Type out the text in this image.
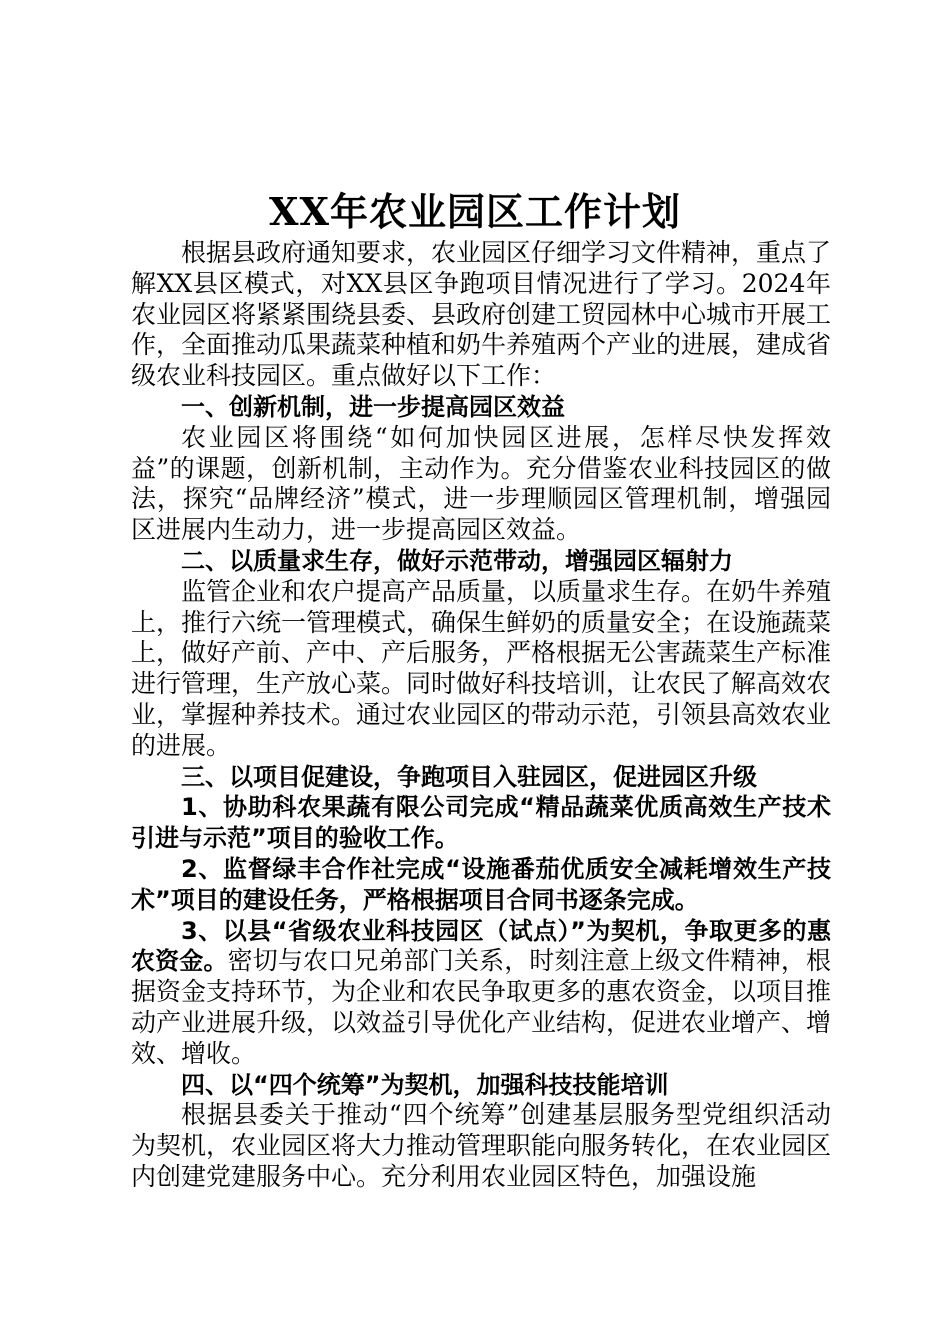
XX年农业园区工作计划

根据县政府通知要求，农业园区仔细学习文件精神，重点了解XX县区模式，对XX县区争跑项目情况进行了学习。2024年农业园区将紧紧围绕县委、县政府创建工贸园林中心城市开展工作，全面推动瓜果蔬菜种植和奶牛养殖两个产业的进展，建成省级农业科技园区。重点做好以下工作：

一、创新机制，进一步提高园区效益

农业园区将围绕“如何加快园区进展，怎样尽快发挥效益”的课题，创新机制，主动作为。充分借鉴农业科技园区的做法，探究“品牌经济”模式，进一步理顺园区管理机制，增强园区进展内生动力，进一步提高园区效益。

二、以质量求生存，做好示范带动，增强园区辐射力

监管企业和农户提高产品质量，以质量求生存。在奶牛养殖上，推行六统一管理模式，确保生鲜奶的质量安全；在设施蔬菜上，做好产前、产中、产后服务，严格根据无公害蔬菜生产标准进行管理，生产放心菜。同时做好科技培训，让农民了解高效农业，掌握种养技术。通过农业园区的带动示范，引领县高效农业的进展。

三、以项目促建设，争跑项目入驻园区，促进园区升级

1、协助科农果蔬有限公司完成“精品蔬菜优质高效生产技术引进与示范”项目的验收工作。

2、监督绿丰合作社完成“设施番茄优质安全减耗增效生产技术”项目的建设任务，严格根据项目合同书逐条完成。

3、以县“省级农业科技园区（试点）”为契机，争取更多的惠农资金。密切与农口兄弟部门关系，时刻注意上级文件精神，根据资金支持环节，为企业和农民争取更多的惠农资金，以项目推动产业进展升级，以效益引导优化产业结构，促进农业增产、增效、增收。

四、以“四个统筹”为契机，加强科技技能培训

根据县委关于推动“四个统筹”创建基层服务型党组织活动为契机，农业园区将大力推动管理职能向服务转化，在农业园区内创建党建服务中心。充分利用农业园区特色，加强设施
